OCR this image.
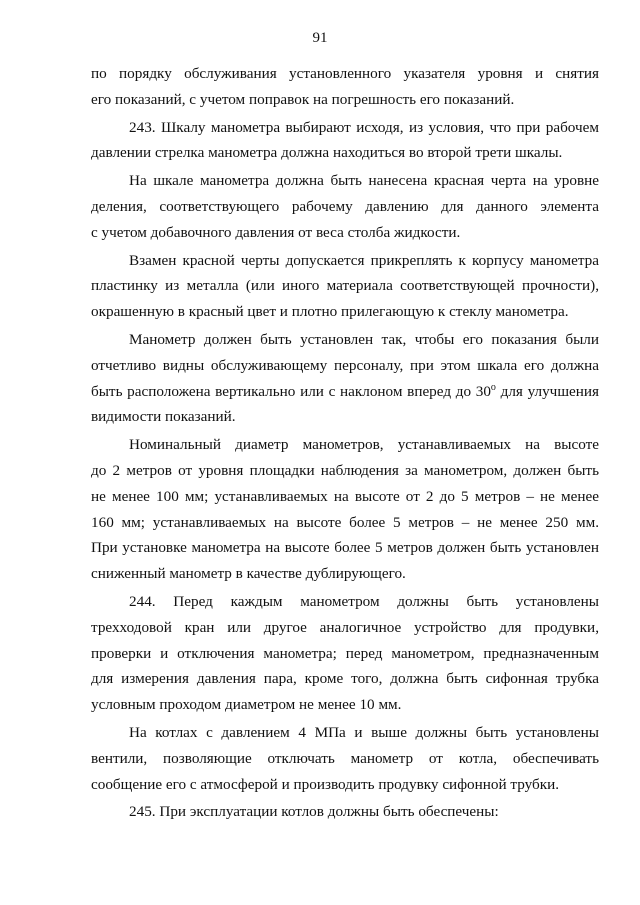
91
по порядку обслуживания установленного указателя уровня и снятия
его показаний, с учетом поправок на погрешность его показаний.
243. Шкалу манометра выбирают исходя, из условия, что при рабочем
давлении стрелка манометра должна находиться во второй трети шкалы.
На шкале манометра должна быть нанесена красная черта на уровне
деления, соответствующего рабочему давлению для данного элемента
с учетом добавочного давления от веса столба жидкости.
Взамен красной черты допускается прикреплять к корпусу манометра
пластинку из металла (или иного материала соответствующей прочности),
окрашенную в красный цвет и плотно прилегающую к стеклу манометра.
Манометр должен быть установлен так, чтобы его показания были
отчетливо видны обслуживающему персоналу, при этом шкала его должна
быть расположена вертикально или с наклоном вперед до 30$^o$ для улучшения
видимости показаний.
Номинальный диаметр манометров, устанавливаемых на высоте
до 2 метров от уровня площадки наблюдения за манометром, должен быть
не менее 100 мм; устанавливаемых на высоте от 2 до 5 метров – не менее
160 мм; устанавливаемых на высоте более 5 метров – не менее 250 мм.
При установке манометра на высоте более 5 метров должен быть установлен
сниженный манометр в качестве дублирующего.
244. Перед каждым манометром должны быть установлены
трехходовой кран или другое аналогичное устройство для продувки,
проверки и отключения манометра; перед манометром, предназначенным
для измерения давления пара, кроме того, должна быть сифонная трубка
условным проходом диаметром не менее 10 мм.
На котлах с давлением 4 МПа и выше должны быть установлены
вентили, позволяющие отключать манометр от котла, обеспечивать
сообщение его с атмосферой и производить продувку сифонной трубки.
245. При эксплуатации котлов должны быть обеспечены:
